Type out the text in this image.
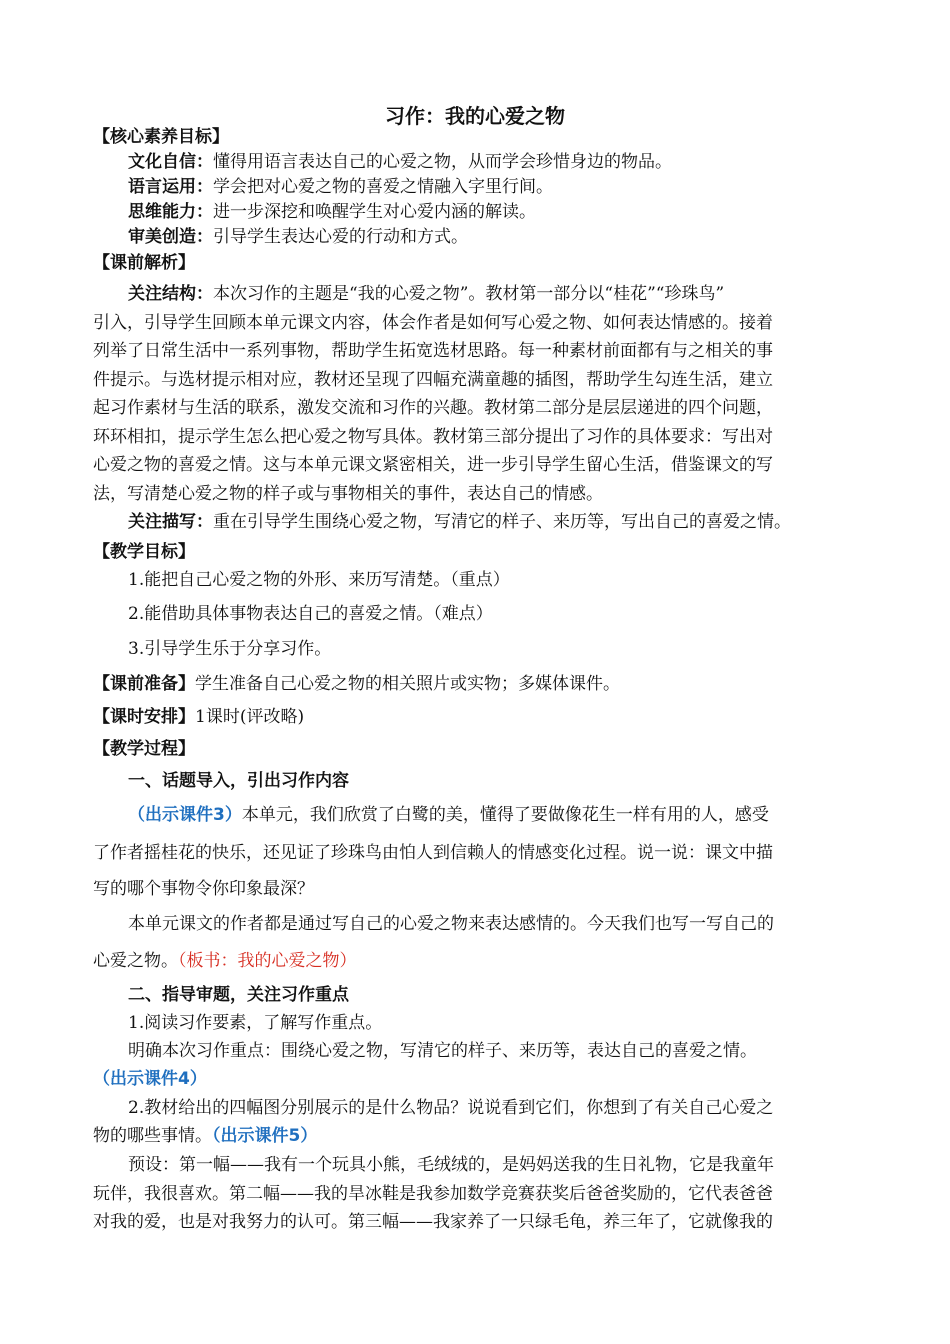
习作：我的心爱之物
【核心素养目标】
文化自信：懂得用语言表达自己的心爱之物，从而学会珍惜身边的物品。
语言运用：学会把对心爱之物的喜爱之情融入字里行间。
思维能力：进一步深挖和唤醒学生对心爱内涵的解读。
审美创造：引导学生表达心爱的行动和方式。
【课前解析】
关注结构：本次习作的主题是“我的心爱之物”。教材第一部分以“桂花”“珍珠鸟”
引入，引导学生回顾本单元课文内容，体会作者是如何写心爱之物、如何表达情感的。接着
列举了日常生活中一系列事物，帮助学生拓宽选材思路。每一种素材前面都有与之相关的事
件提示。与选材提示相对应，教材还呈现了四幅充满童趣的插图，帮助学生勾连生活，建立
起习作素材与生活的联系，激发交流和习作的兴趣。教材第二部分是层层递进的四个问题，
环环相扣，提示学生怎么把心爱之物写具体。教材第三部分提出了习作的具体要求：写出对
心爱之物的喜爱之情。这与本单元课文紧密相关，进一步引导学生留心生活，借鉴课文的写
法，写清楚心爱之物的样子或与事物相关的事件，表达自己的情感。
关注描写：重在引导学生围绕心爱之物，写清它的样子、来历等，写出自己的喜爱之情。
【教学目标】
1.能把自己心爱之物的外形、来历写清楚。（重点）
2.能借助具体事物表达自己的喜爱之情。（难点）
3.引导学生乐于分享习作。
【课前准备】学生准备自己心爱之物的相关照片或实物；多媒体课件。
【课时安排】1课时(评改略)
【教学过程】
一、话题导入，引出习作内容
（出示课件3）本单元，我们欣赏了白鹭的美，懂得了要做像花生一样有用的人，感受
了作者摇桂花的快乐，还见证了珍珠鸟由怕人到信赖人的情感变化过程。说一说：课文中描
写的哪个事物令你印象最深？
本单元课文的作者都是通过写自己的心爱之物来表达感情的。今天我们也写一写自己的
心爱之物。（板书：我的心爱之物）
二、指导审题，关注习作重点
1.阅读习作要素，了解写作重点。
明确本次习作重点：围绕心爱之物，写清它的样子、来历等，表达自己的喜爱之情。
（出示课件4）
2.教材给出的四幅图分别展示的是什么物品？说说看到它们，你想到了有关自己心爱之
物的哪些事情。（出示课件5）
预设：第一幅——我有一个玩具小熊，毛绒绒的，是妈妈送我的生日礼物，它是我童年
玩伴，我很喜欢。第二幅——我的旱冰鞋是我参加数学竞赛获奖后爸爸奖励的，它代表爸爸
对我的爱，也是对我努力的认可。第三幅——我家养了一只绿毛龟，养三年了，它就像我的
